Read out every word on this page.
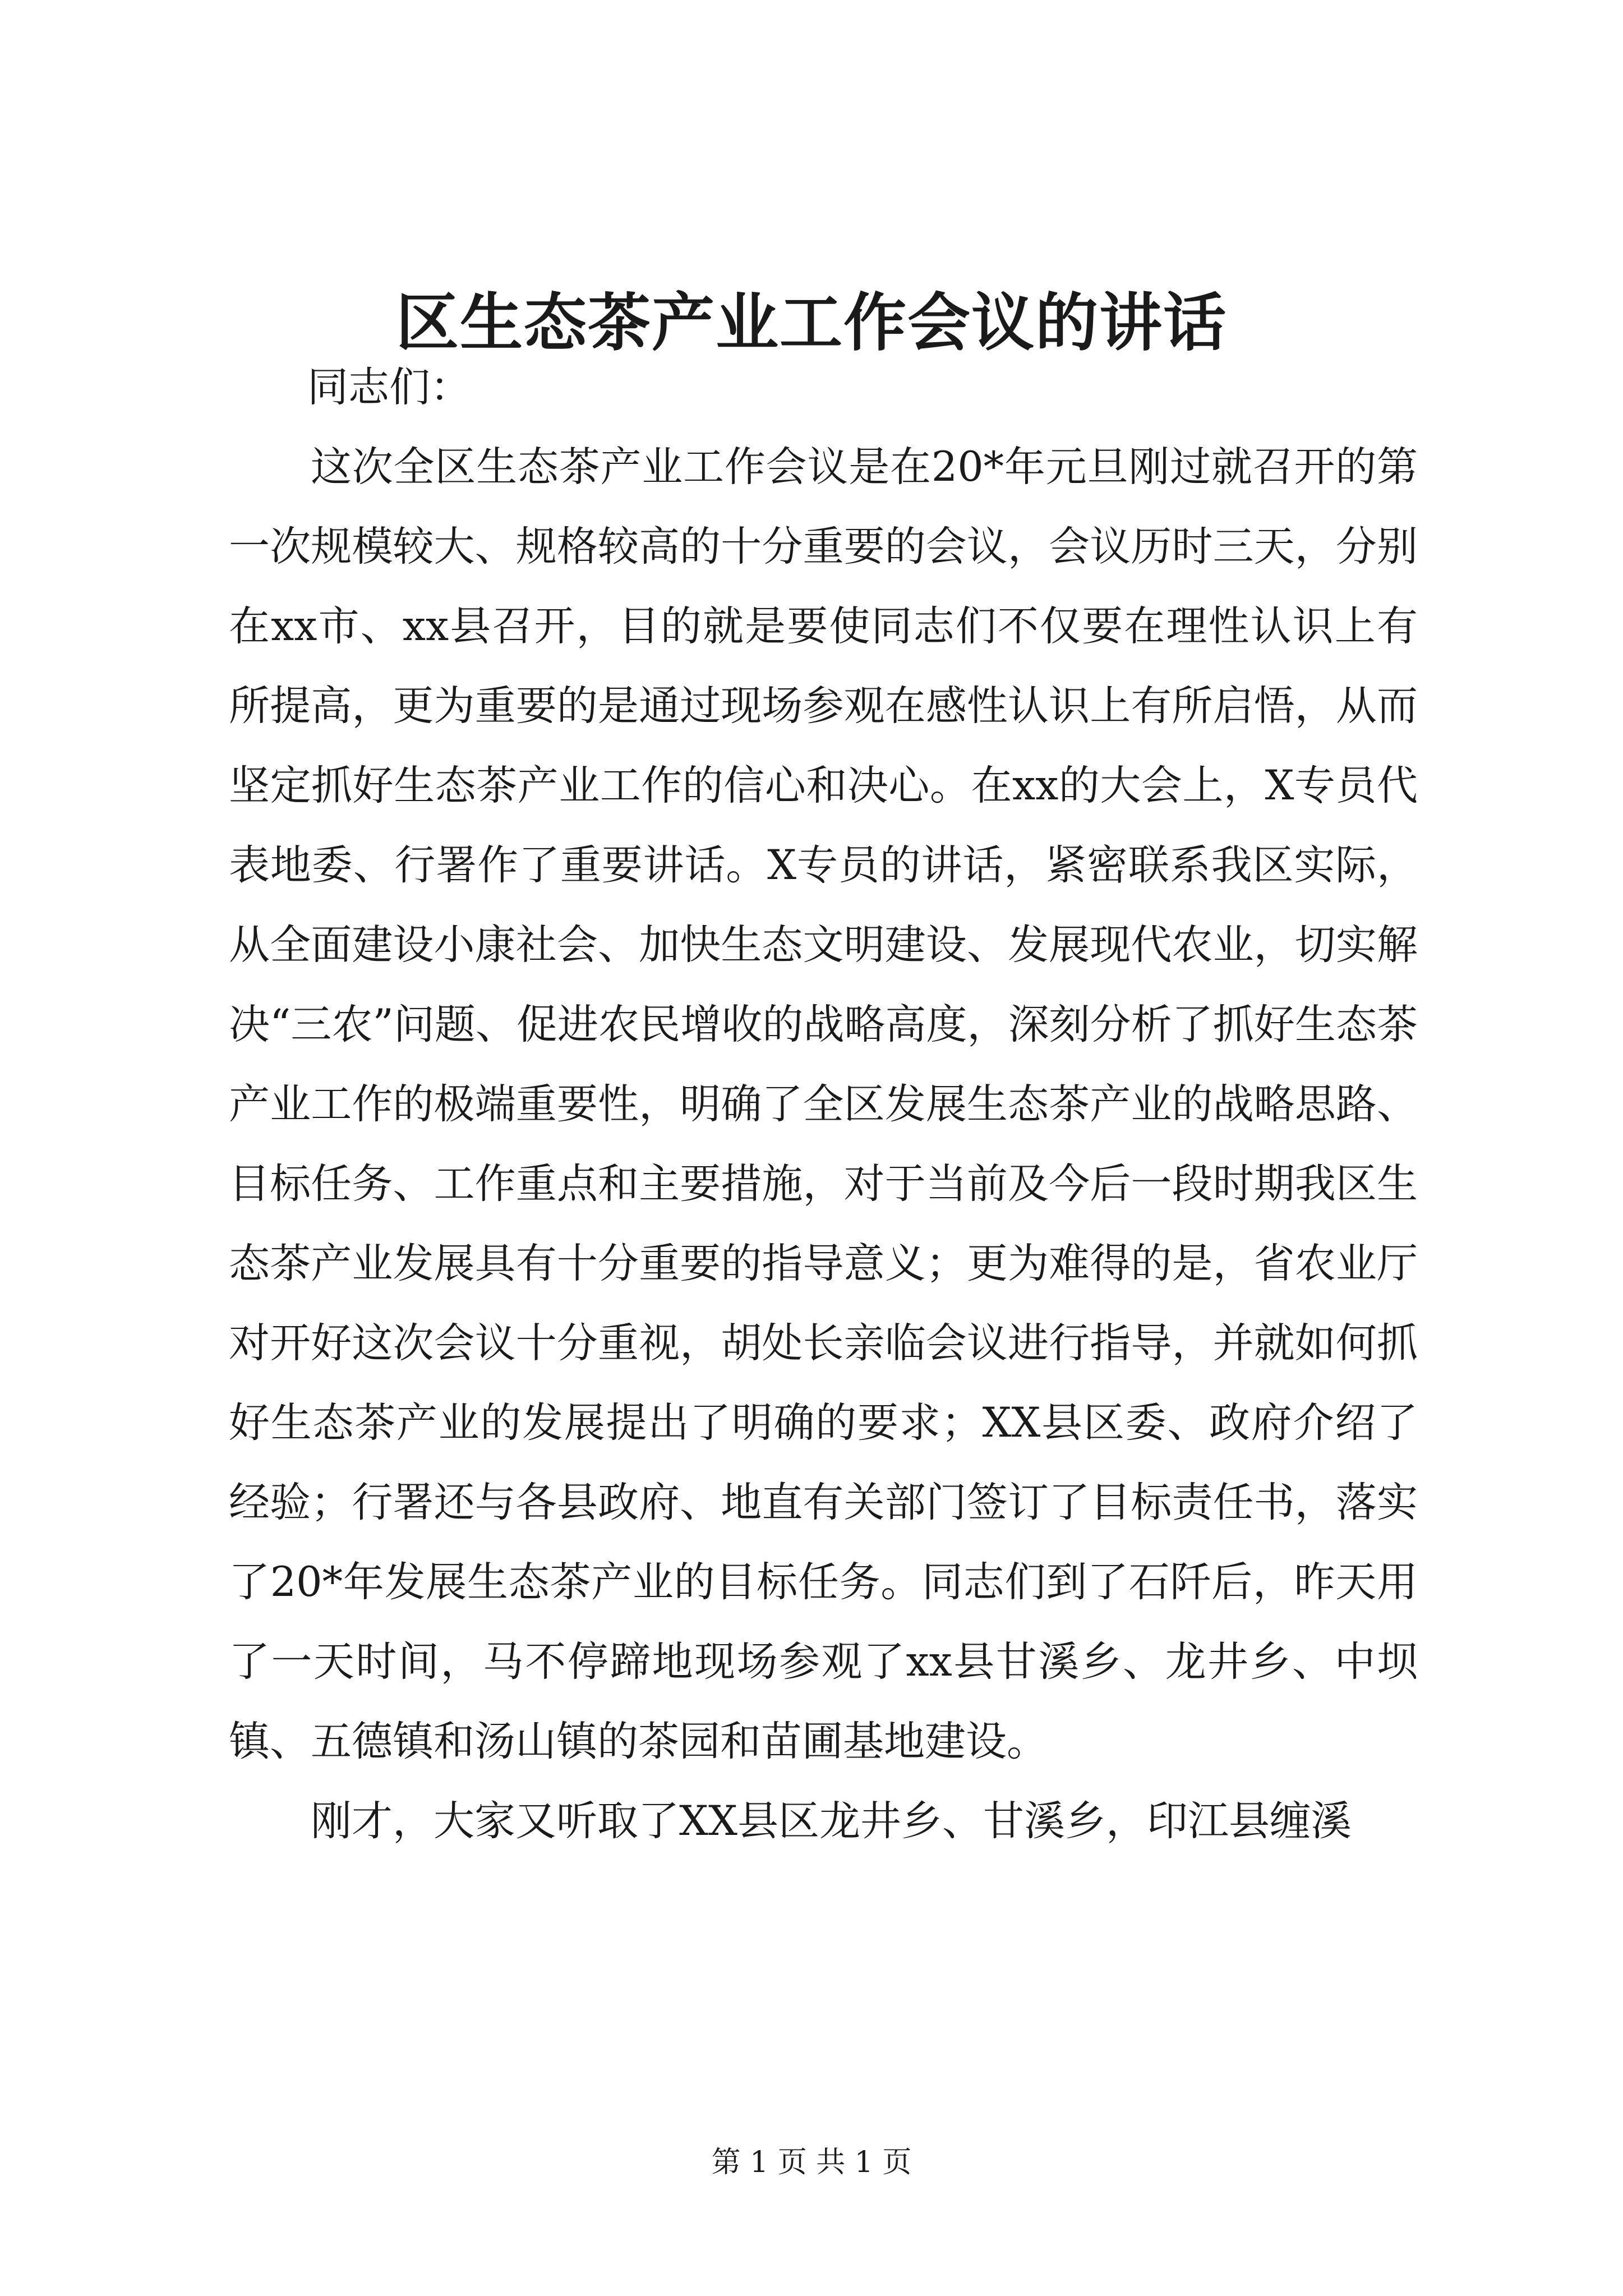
区生态茶产业工作会议的讲话

同志们：

这次全区生态茶产业工作会议是在20*年元旦刚过就召开的第一次规模较大、规格较高的十分重要的会议，会议历时三天，分别在xx市、xx县召开，目的就是要使同志们不仅要在理性认识上有所提高，更为重要的是通过现场参观在感性认识上有所启悟，从而坚定抓好生态茶产业工作的信心和决心。在xx的大会上，X专员代表地委、行署作了重要讲话。X专员的讲话，紧密联系我区实际，从全面建设小康社会、加快生态文明建设、发展现代农业，切实解决“三农”问题、促进农民增收的战略高度，深刻分析了抓好生态茶产业工作的极端重要性，明确了全区发展生态茶产业的战略思路、目标任务、工作重点和主要措施，对于当前及今后一段时期我区生态茶产业发展具有十分重要的指导意义；更为难得的是，省农业厅对开好这次会议十分重视，胡处长亲临会议进行指导，并就如何抓好生态茶产业的发展提出了明确的要求；XX县区委、政府介绍了经验；行署还与各县政府、地直有关部门签订了目标责任书，落实了20*年发展生态茶产业的目标任务。同志们到了石阡后，昨天用了一天时间，马不停蹄地现场参观了xx县甘溪乡、龙井乡、中坝镇、五德镇和汤山镇的茶园和苗圃基地建设。

刚才，大家又听取了XX县区龙井乡、甘溪乡，印江县缠溪

第 1 页 共 1 页
